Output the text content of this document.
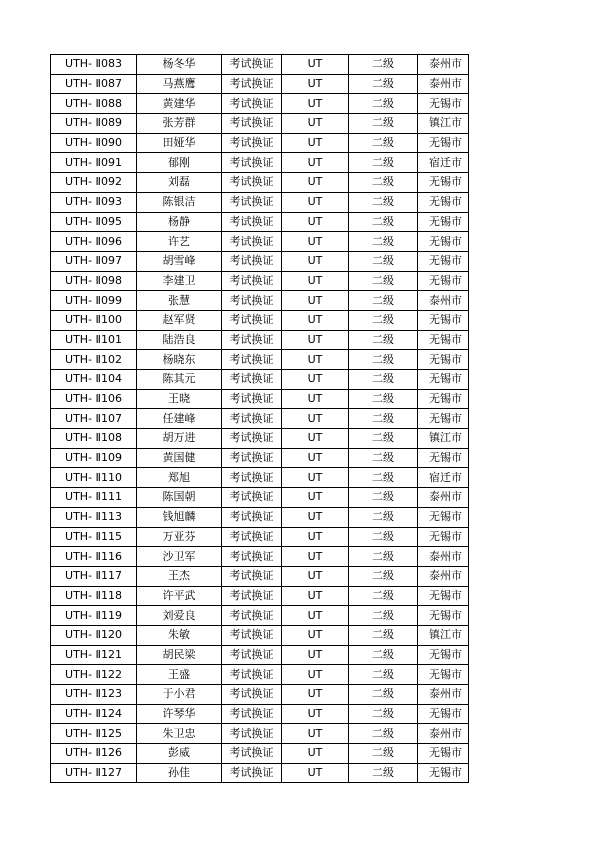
UTH- Ⅱ083	杨冬华	考试换证	UT	二级	泰州市
UTH- Ⅱ087	马燕鹰	考试换证	UT	二级	泰州市
UTH- Ⅱ088	黄建华	考试换证	UT	二级	无锡市
UTH- Ⅱ089	张芳群	考试换证	UT	二级	镇江市
UTH- Ⅱ090	田娅华	考试换证	UT	二级	无锡市
UTH- Ⅱ091	郁刚	考试换证	UT	二级	宿迁市
UTH- Ⅱ092	刘磊	考试换证	UT	二级	无锡市
UTH- Ⅱ093	陈银洁	考试换证	UT	二级	无锡市
UTH- Ⅱ095	杨静	考试换证	UT	二级	无锡市
UTH- Ⅱ096	许艺	考试换证	UT	二级	无锡市
UTH- Ⅱ097	胡雪峰	考试换证	UT	二级	无锡市
UTH- Ⅱ098	李建卫	考试换证	UT	二级	无锡市
UTH- Ⅱ099	张慧	考试换证	UT	二级	泰州市
UTH- Ⅱ100	赵军贤	考试换证	UT	二级	无锡市
UTH- Ⅱ101	陆浩良	考试换证	UT	二级	无锡市
UTH- Ⅱ102	杨晓东	考试换证	UT	二级	无锡市
UTH- Ⅱ104	陈其元	考试换证	UT	二级	无锡市
UTH- Ⅱ106	王晓	考试换证	UT	二级	无锡市
UTH- Ⅱ107	任建峰	考试换证	UT	二级	无锡市
UTH- Ⅱ108	胡万进	考试换证	UT	二级	镇江市
UTH- Ⅱ109	黄国健	考试换证	UT	二级	无锡市
UTH- Ⅱ110	郑旭	考试换证	UT	二级	宿迁市
UTH- Ⅱ111	陈国朝	考试换证	UT	二级	泰州市
UTH- Ⅱ113	钱旭麟	考试换证	UT	二级	无锡市
UTH- Ⅱ115	万亚芬	考试换证	UT	二级	无锡市
UTH- Ⅱ116	沙卫军	考试换证	UT	二级	泰州市
UTH- Ⅱ117	王杰	考试换证	UT	二级	泰州市
UTH- Ⅱ118	许平武	考试换证	UT	二级	无锡市
UTH- Ⅱ119	刘爱良	考试换证	UT	二级	无锡市
UTH- Ⅱ120	朱敏	考试换证	UT	二级	镇江市
UTH- Ⅱ121	胡民梁	考试换证	UT	二级	无锡市
UTH- Ⅱ122	王盛	考试换证	UT	二级	无锡市
UTH- Ⅱ123	于小君	考试换证	UT	二级	泰州市
UTH- Ⅱ124	许琴华	考试换证	UT	二级	无锡市
UTH- Ⅱ125	朱卫忠	考试换证	UT	二级	泰州市
UTH- Ⅱ126	彭威	考试换证	UT	二级	无锡市
UTH- Ⅱ127	孙佳	考试换证	UT	二级	无锡市
